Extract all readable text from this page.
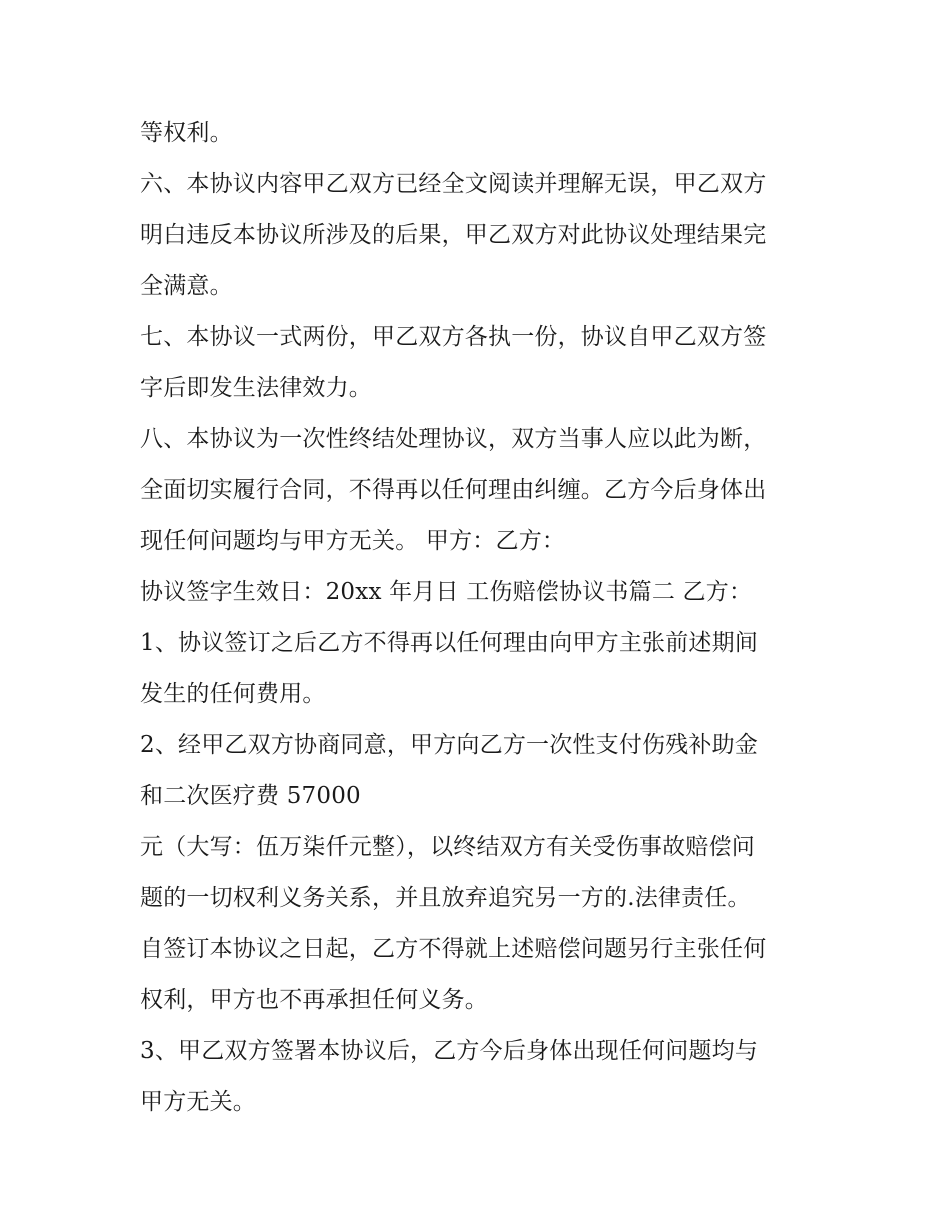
等权利。
六、本协议内容甲乙双方已经全文阅读并理解无误，甲乙双方
明白违反本协议所涉及的后果，甲乙双方对此协议处理结果完
全满意。
七、本协议一式两份，甲乙双方各执一份，协议自甲乙双方签
字后即发生法律效力。
八、本协议为一次性终结处理协议，双方当事人应以此为断，
全面切实履行合同，不得再以任何理由纠缠。乙方今后身体出
现任何问题均与甲方无关。 甲方：乙方：
协议签字生效日：20xx 年月日 工伤赔偿协议书篇二 乙方：
1、协议签订之后乙方不得再以任何理由向甲方主张前述期间
发生的任何费用。
2、经甲乙双方协商同意，甲方向乙方一次性支付伤残补助金
和二次医疗费 57000
元（大写：伍万柒仟元整），以终结双方有关受伤事故赔偿问
题的一切权利义务关系，并且放弃追究另一方的.法律责任。
自签订本协议之日起，乙方不得就上述赔偿问题另行主张任何
权利，甲方也不再承担任何义务。
3、甲乙双方签署本协议后，乙方今后身体出现任何问题均与
甲方无关。
